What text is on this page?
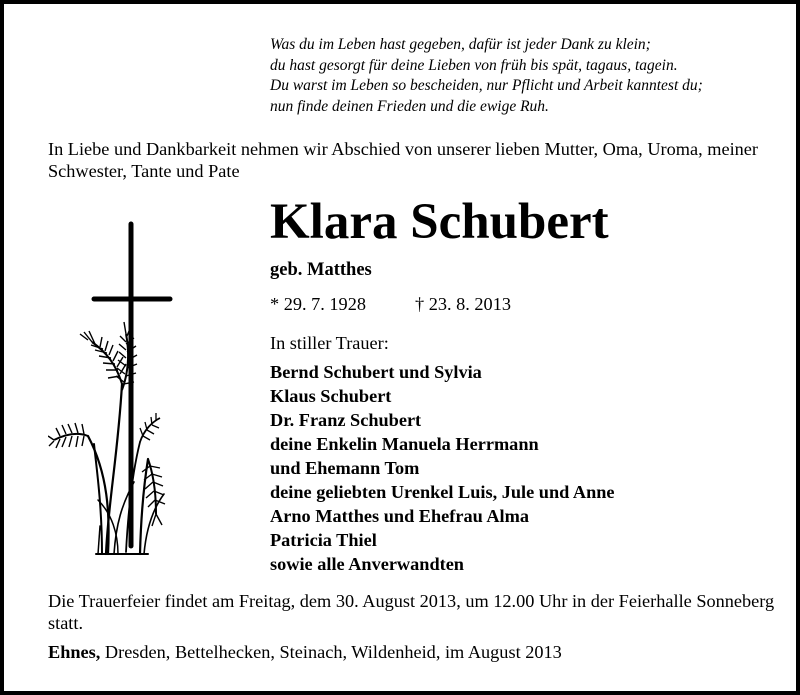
Was du im Leben hast gegeben, dafür ist jeder Dank zu klein;
du hast gesorgt für deine Lieben von früh bis spät, tagaus, tagein.
Du warst im Leben so bescheiden, nur Pflicht und Arbeit kanntest du;
nun finde deinen Frieden und die ewige Ruh.
In Liebe und Dankbarkeit nehmen wir Abschied von unserer lieben Mutter, Oma, Uroma, meiner Schwester, Tante und Pate
Klara Schubert
geb. Matthes
* 29. 7. 1928	† 23. 8. 2013
In stiller Trauer:
Bernd Schubert und Sylvia
Klaus Schubert
Dr. Franz Schubert
deine Enkelin Manuela Herrmann
und Ehemann Tom
deine geliebten Urenkel Luis, Jule und Anne
Arno Matthes und Ehefrau Alma
Patricia Thiel
sowie alle Anverwandten
Die Trauerfeier findet am Freitag, dem 30. August 2013, um 12.00 Uhr in der Feierhalle Sonneberg statt.
Ehnes, Dresden, Bettelhecken, Steinach, Wildenheid, im August 2013
